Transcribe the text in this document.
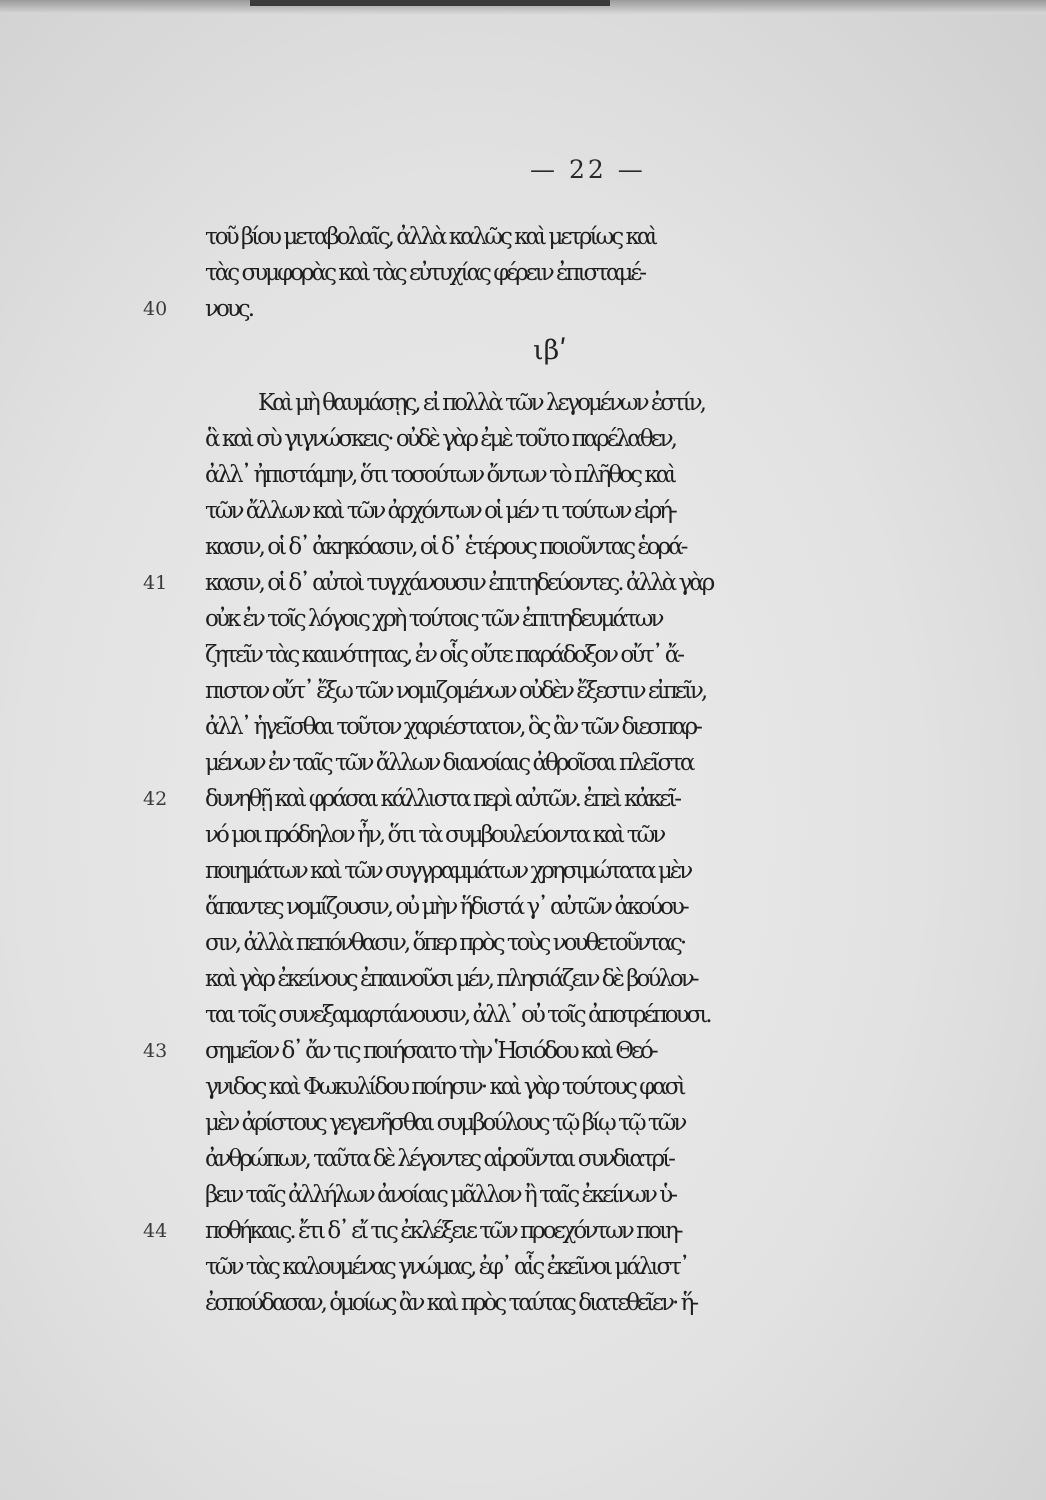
— 22 —
τοῦ βίου μεταβολαῖς, ἀλλὰ καλῶς καὶ μετρίως καὶ
τὰς συμφορὰς καὶ τὰς εὐτυχίας φέρειν ἐπισταμέ-
40 νους.
ιβʹ
Καὶ μὴ θαυμάσῃς, εἰ πολλὰ τῶν λεγομένων ἐστίν,
ἃ καὶ σὺ γιγνώσκεις· οὐδὲ γὰρ ἐμὲ τοῦτο παρέλαθεν,
ἀλλ᾽ ἠπιστάμην, ὅτι τοσούτων ὄντων τὸ πλῆθος καὶ
τῶν ἄλλων καὶ τῶν ἀρχόντων οἱ μέν τι τούτων εἰρή-
κασιν, οἱ δ᾽ ἀκηκόασιν, οἱ δ᾽ ἑτέρους ποιοῦντας ἑορά-
41 κασιν, οἱ δ᾽ αὐτοὶ τυγχάνουσιν ἐπιτηδεύοντες. ἀλλὰ γὰρ
οὐκ ἐν τοῖς λόγοις χρὴ τούτοις τῶν ἐπιτηδευμάτων
ζητεῖν τὰς καινότητας, ἐν οἷς οὔτε παράδοξον οὔτ᾽ ἄ-
πιστον οὔτ᾽ ἔξω τῶν νομιζομένων οὐδὲν ἔξεστιν εἰπεῖν,
ἀλλ᾽ ἡγεῖσθαι τοῦτον χαριέστατον, ὃς ἂν τῶν διεσπαρ-
μένων ἐν ταῖς τῶν ἄλλων διανοίαις ἀθροῖσαι πλεῖστα
42 δυνηθῇ καὶ φράσαι κάλλιστα περὶ αὐτῶν. ἐπεὶ κἀκεῖ-
νό μοι πρόδηλον ἦν, ὅτι τὰ συμβουλεύοντα καὶ τῶν
ποιημάτων καὶ τῶν συγγραμμάτων χρησιμώτατα μὲν
ἅπαντες νομίζουσιν, οὐ μὴν ἥδιστά γ᾽ αὐτῶν ἀκούου-
σιν, ἀλλὰ πεπόνθασιν, ὅπερ πρὸς τοὺς νουθετοῦντας·
καὶ γὰρ ἐκείνους ἐπαινοῦσι μέν, πλησιάζειν δὲ βούλον-
ται τοῖς συνεξαμαρτάνουσιν, ἀλλ᾽ οὐ τοῖς ἀποτρέπουσι.
43 σημεῖον δ᾽ ἄν τις ποιήσαιτο τὴν Ἡσιόδου καὶ Θεό-
γνιδος καὶ Φωκυλίδου ποίησιν· καὶ γὰρ τούτους φασὶ
μὲν ἀρίστους γεγενῆσθαι συμβούλους τῷ βίῳ τῷ τῶν
ἀνθρώπων, ταῦτα δὲ λέγοντες αἱροῦνται συνδιατρί-
βειν ταῖς ἀλλήλων ἀνοίαις μᾶλλον ἢ ταῖς ἐκείνων ὑ-
44 ποθήκαις. ἔτι δ᾽ εἴ τις ἐκλέξειε τῶν προεχόντων ποιη-
τῶν τὰς καλουμένας γνώμας, ἐφ᾽ αἷς ἐκεῖνοι μάλιστ᾽
ἐσπούδασαν, ὁμοίως ἂν καὶ πρὸς ταύτας διατεθεῖεν· ἥ-
